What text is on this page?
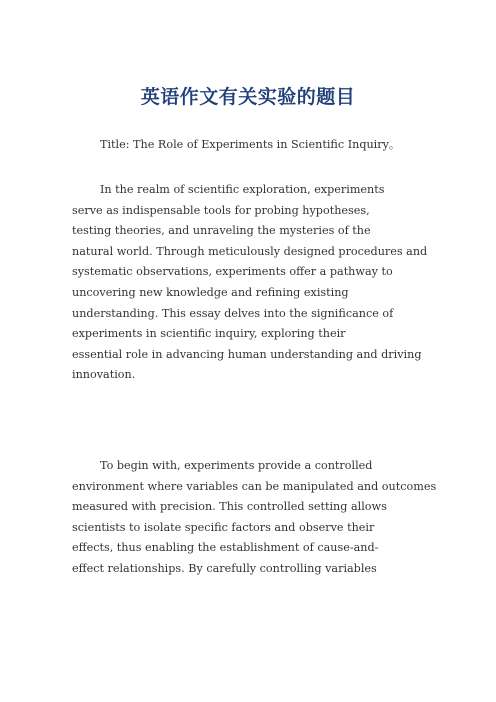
英语作文有关实验的题目

Title: The Role of Experiments in Scientific Inquiry。

In the realm of scientific exploration, experiments
serve as indispensable tools for probing hypotheses,
testing theories, and unraveling the mysteries of the
natural world. Through meticulously designed procedures and
systematic observations, experiments offer a pathway to
uncovering new knowledge and refining existing
understanding. This essay delves into the significance of
experiments in scientific inquiry, exploring their
essential role in advancing human understanding and driving
innovation.
To begin with, experiments provide a controlled
environment where variables can be manipulated and outcomes
measured with precision. This controlled setting allows
scientists to isolate specific factors and observe their
effects, thus enabling the establishment of cause-and-
effect relationships. By carefully controlling variables
